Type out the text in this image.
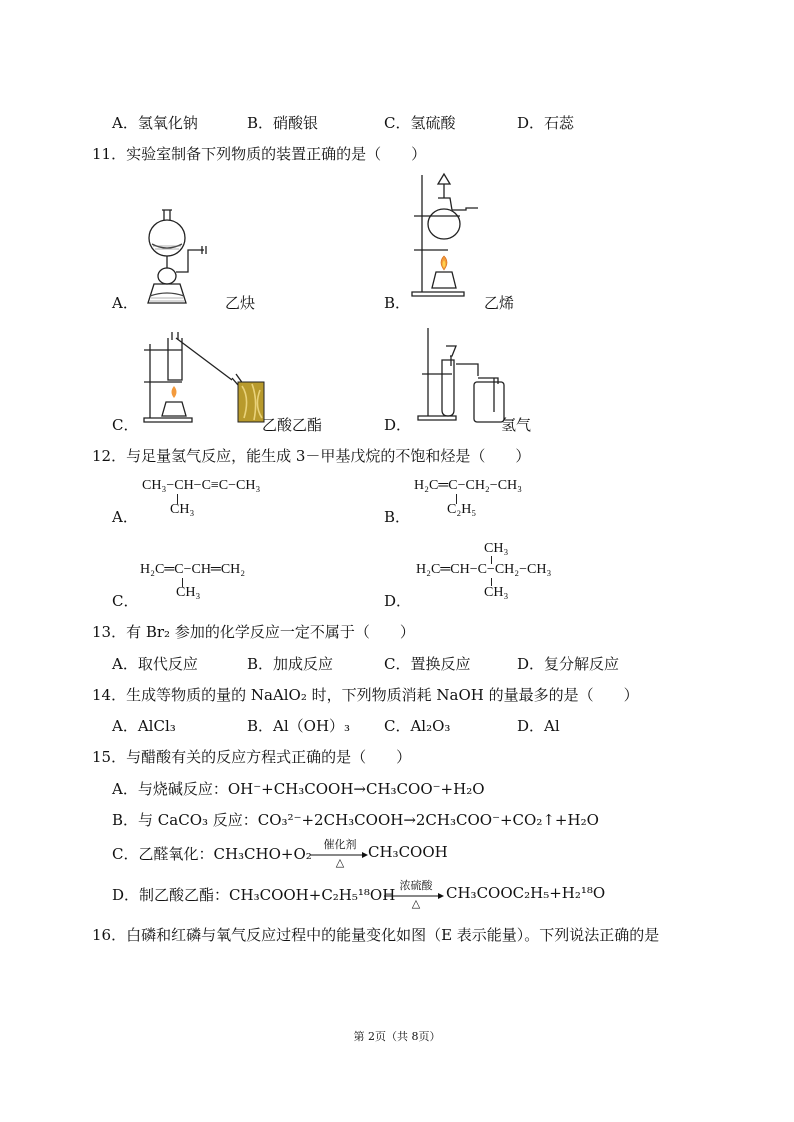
A．氢氧化钠	B．硝酸银	C．氢硫酸	D．石蕊
11．实验室制备下列物质的装置正确的是（　　）
A．	乙炔	B．	乙烯
C．	乙酸乙酯	D．	氢气
12．与足量氢气反应，能生成 3－甲基戊烷的不饱和烃是（　　）
A．
CH₃−CH−C≡C−CH₃
CH₃	B．
H₂C═C−CH₂−CH₃
C₂H₅
C．
H₂C═C−CH═CH₂
CH₃	D．
CH₃
H₂C═CH−C−CH₂−CH₃
CH₃
13．有 Br₂ 参加的化学反应一定不属于（　　）
A．取代反应	B．加成反应	C．置换反应	D．复分解反应
14．生成等物质的量的 NaAlO₂ 时，下列物质消耗 NaOH 的量最多的是（　　）
A．AlCl₃	B．Al（OH）₃ C．Al₂O₃	D．Al
15．与醋酸有关的反应方程式正确的是（　　）
A．与烧碱反应：OH⁻+CH₃COOH→CH₃COO⁻+H₂O
B．与 CaCO₃ 反应：CO₃²⁻+2CH₃COOH→2CH₃COO⁻+CO₂↑+H₂O
C．乙醛氧化：CH₃CHO+O₂
催化剂
△
CH₃COOH
D．制乙酸乙酯：CH₃COOH+C₂H₅¹⁸OH
浓硫酸
△
CH₃COOC₂H₅+H₂¹⁸O
16．白磷和红磷与氧气反应过程中的能量变化如图（E 表示能量）。下列说法正确的是
第 2页（共 8页）
